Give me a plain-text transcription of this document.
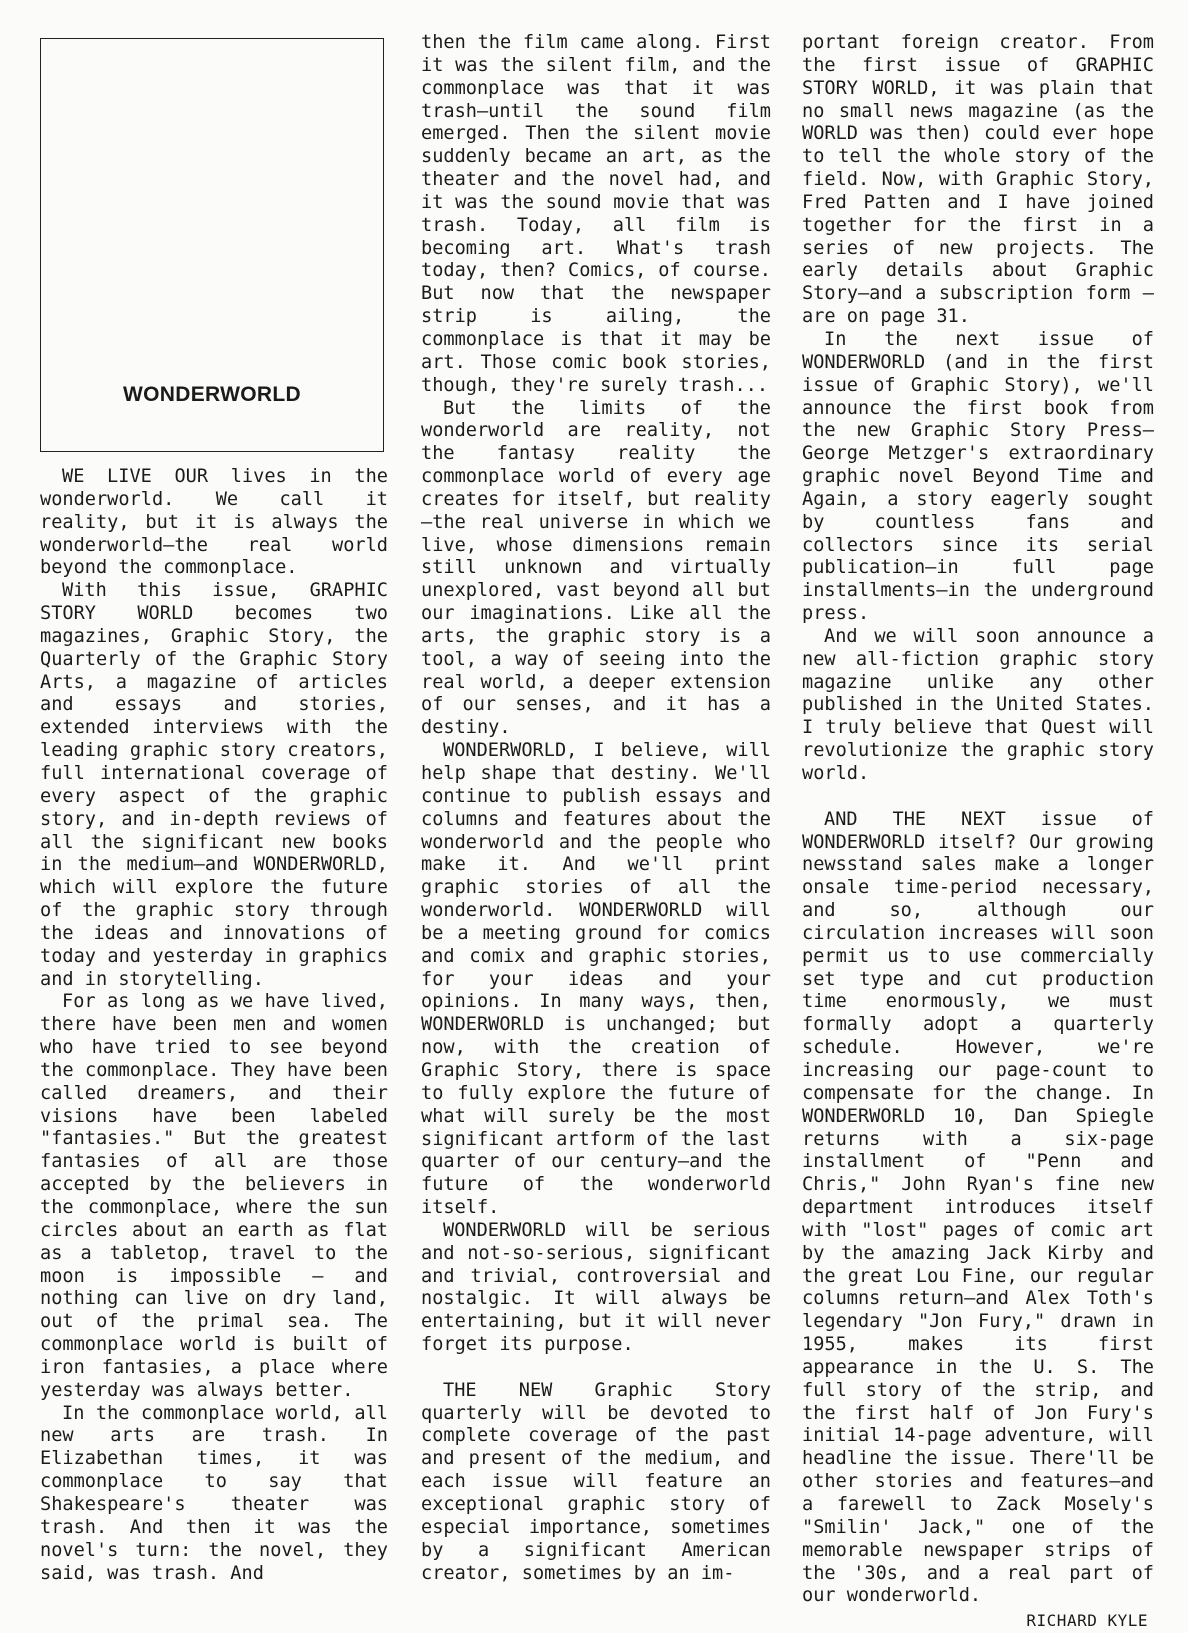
WONDERWORLD

WE LIVE OUR lives in the wonderworld. We call it reality, but it is always the wonderworld—the real world beyond the commonplace.

With this issue, GRAPHIC STORY WORLD becomes two magazines, Graphic Story, the Quarterly of the Graphic Story Arts, a magazine of articles and essays and stories, extended interviews with the leading graphic story creators, full international coverage of every aspect of the graphic story, and in-depth reviews of all the significant new books in the medium—and WONDERWORLD, which will explore the future of the graphic story through the ideas and innovations of today and yesterday in graphics and in storytelling.

For as long as we have lived, there have been men and women who have tried to see beyond the commonplace. They have been called dreamers, and their visions have been labeled "fantasies." But the greatest fantasies of all are those accepted by the believers in the commonplace, where the sun circles about an earth as flat as a tabletop, travel to the moon is impossible — and nothing can live on dry land, out of the primal sea. The commonplace world is built of iron fantasies, a place where yesterday was always better.

In the commonplace world, all new arts are trash. In Elizabethan times, it was commonplace to say that Shakespeare's theater was trash. And then it was the novel's turn: the novel, they said, was trash. And

then the film came along. First it was the silent film, and the commonplace was that it was trash—until the sound film emerged. Then the silent movie suddenly became an art, as the theater and the novel had, and it was the sound movie that was trash. Today, all film is becoming art. What's trash today, then? Comics, of course. But now that the newspaper strip is ailing, the commonplace is that it may be art. Those comic book stories, though, they're surely trash...

But the limits of the wonderworld are reality, not the fantasy reality the commonplace world of every age creates for itself, but reality—the real universe in which we live, whose dimensions remain still unknown and virtually unexplored, vast beyond all but our imaginations. Like all the arts, the graphic story is a tool, a way of seeing into the real world, a deeper extension of our senses, and it has a destiny.

WONDERWORLD, I believe, will help shape that destiny. We'll continue to publish essays and columns and features about the wonderworld and the people who make it. And we'll print graphic stories of all the wonderworld. WONDERWORLD will be a meeting ground for comics and comix and graphic stories, for your ideas and your opinions. In many ways, then, WONDERWORLD is unchanged; but now, with the creation of Graphic Story, there is space to fully explore the future of what will surely be the most significant artform of the last quarter of our century—and the future of the wonderworld itself.

WONDERWORLD will be serious and not-so-serious, significant and trivial, controversial and nostalgic. It will always be entertaining, but it will never forget its purpose.

THE NEW Graphic Story quarterly will be devoted to complete coverage of the past and present of the medium, and each issue will feature an exceptional graphic story of especial importance, sometimes by a significant American creator, sometimes by an im-

portant foreign creator. From the first issue of GRAPHIC STORY WORLD, it was plain that no small news magazine (as the WORLD was then) could ever hope to tell the whole story of the field. Now, with Graphic Story, Fred Patten and I have joined together for the first in a series of new projects. The early details about Graphic Story—and a subscription form —are on page 31.

In the next issue of WONDERWORLD (and in the first issue of Graphic Story), we'll announce the first book from the new Graphic Story Press—George Metzger's extraordinary graphic novel Beyond Time and Again, a story eagerly sought by countless fans and collectors since its serial publication—in full page installments—in the underground press.

And we will soon announce a new all-fiction graphic story magazine unlike any other published in the United States. I truly believe that Quest will revolutionize the graphic story world.

AND THE NEXT issue of WONDERWORLD itself? Our growing newsstand sales make a longer onsale time-period necessary, and so, although our circulation increases will soon permit us to use commercially set type and cut production time enormously, we must formally adopt a quarterly schedule. However, we're increasing our page-count to compensate for the change. In WONDERWORLD 10, Dan Spiegle returns with a six-page installment of "Penn and Chris," John Ryan's fine new department introduces itself with "lost" pages of comic art by the amazing Jack Kirby and the great Lou Fine, our regular columns return—and Alex Toth's legendary "Jon Fury," drawn in 1955, makes its first appearance in the U. S. The full story of the strip, and the first half of Jon Fury's initial 14-page adventure, will headline the issue. There'll be other stories and features—and a farewell to Zack Mosely's "Smilin' Jack," one of the memorable newspaper strips of the '30s, and a real part of our wonderworld.

RICHARD KYLE
